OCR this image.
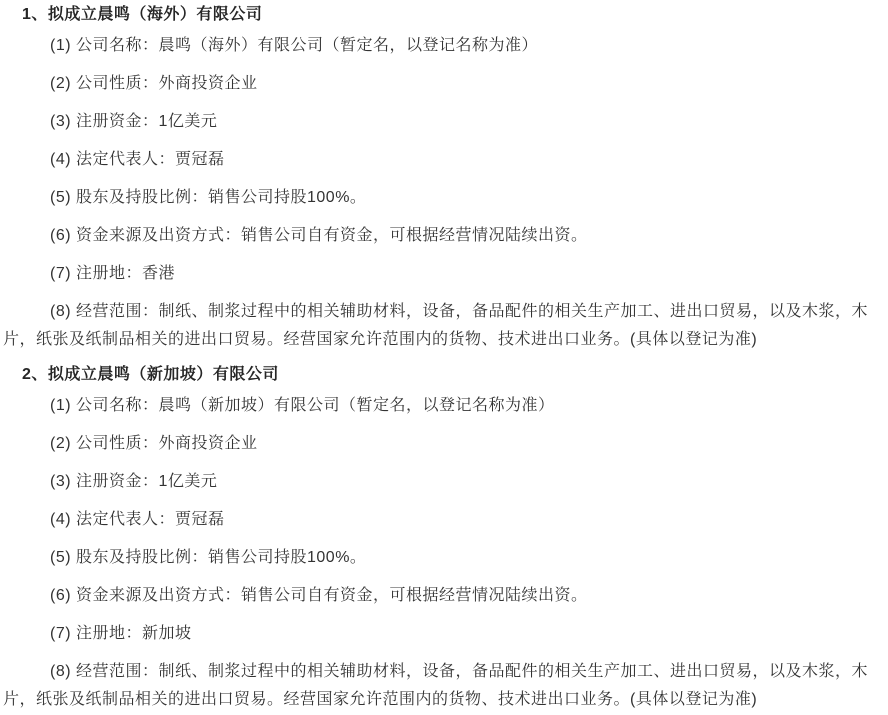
1、拟成立晨鸣（海外）有限公司

(1) 公司名称：晨鸣（海外）有限公司（暂定名，以登记名称为准）

(2) 公司性质：外商投资企业

(3) 注册资金：1亿美元

(4) 法定代表人：贾冠磊

(5) 股东及持股比例：销售公司持股100%。

(6) 资金来源及出资方式：销售公司自有资金，可根据经营情况陆续出资。

(7) 注册地：香港

(8) 经营范围：制纸、制浆过程中的相关辅助材料，设备，备品配件的相关生产加工、进出口贸易，以及木浆，木片，纸张及纸制品相关的进出口贸易。经营国家允许范围内的货物、技术进出口业务。(具体以登记为准)

2、拟成立晨鸣（新加坡）有限公司

(1) 公司名称：晨鸣（新加坡）有限公司（暂定名，以登记名称为准）

(2) 公司性质：外商投资企业

(3) 注册资金：1亿美元

(4) 法定代表人：贾冠磊

(5) 股东及持股比例：销售公司持股100%。

(6) 资金来源及出资方式：销售公司自有资金，可根据经营情况陆续出资。

(7) 注册地：新加坡

(8) 经营范围：制纸、制浆过程中的相关辅助材料，设备，备品配件的相关生产加工、进出口贸易，以及木浆，木片，纸张及纸制品相关的进出口贸易。经营国家允许范围内的货物、技术进出口业务。(具体以登记为准)
